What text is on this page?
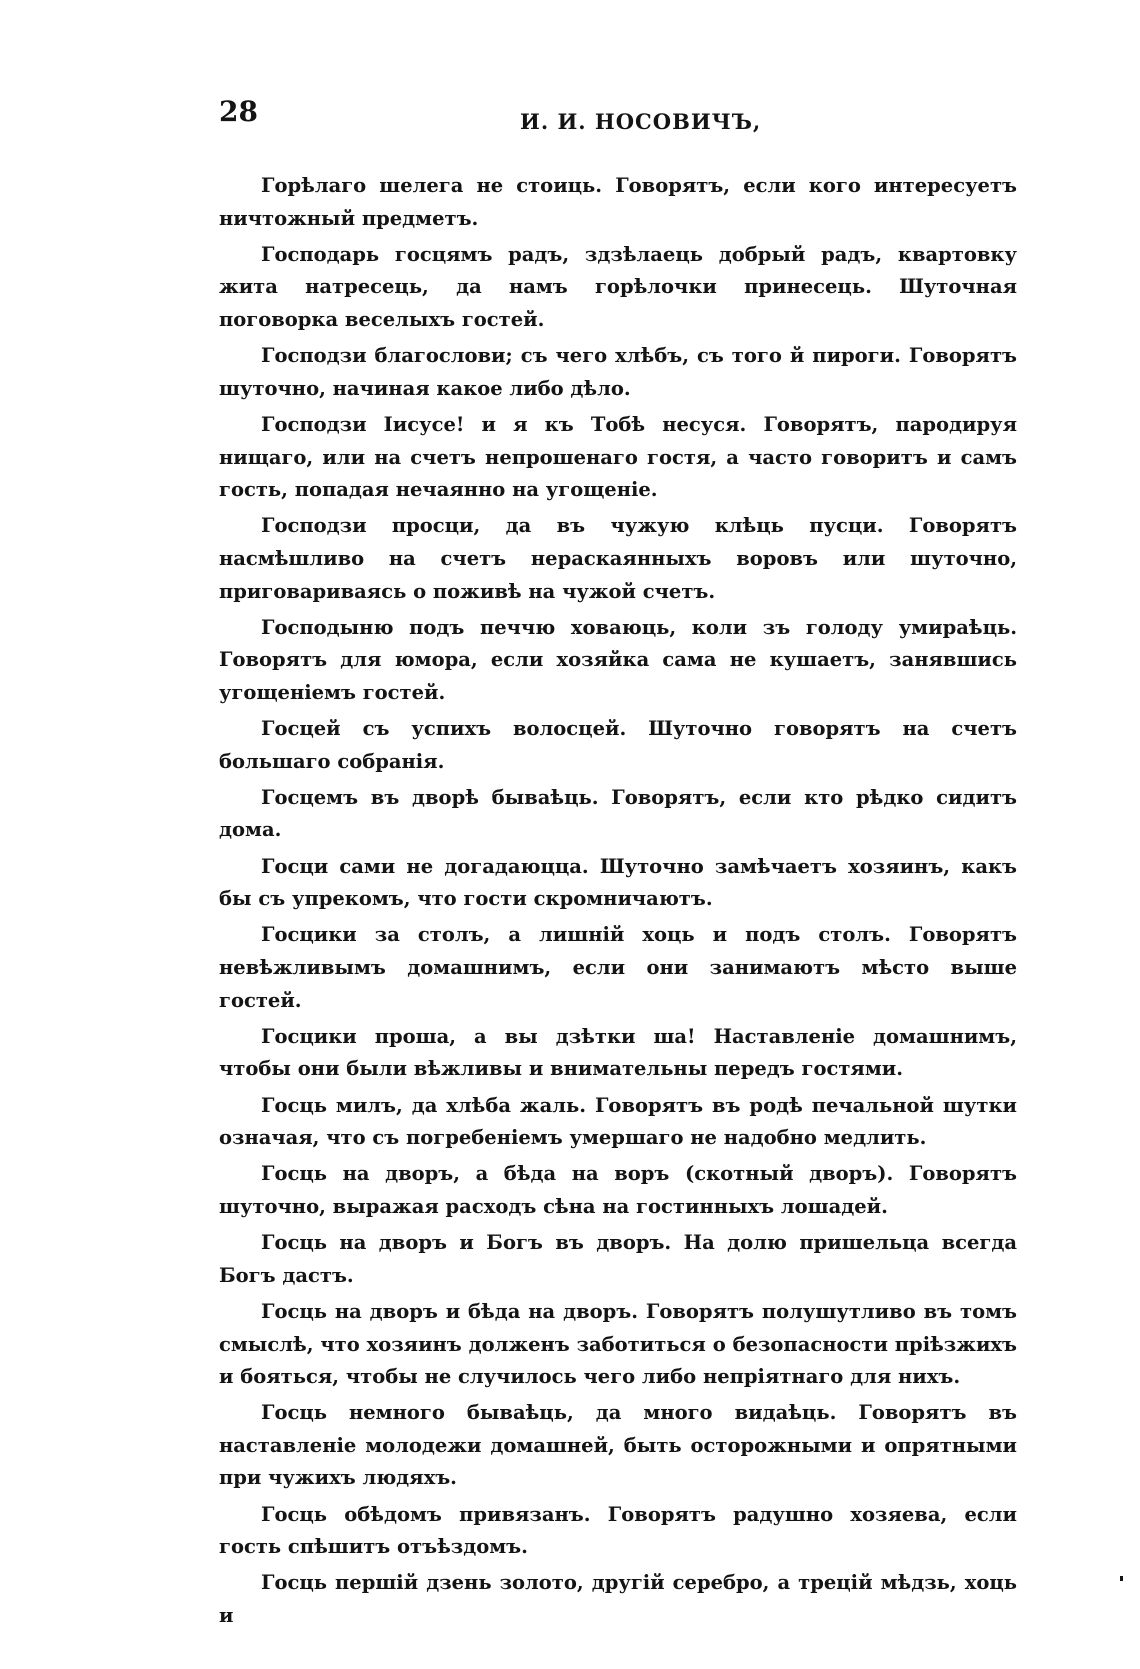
28	И. И. НОСОВИЧЪ,

Горѣлаго шелега не стоиць. Говорятъ, если кого интересуетъ ничтожный предметъ.

Господарь госцямъ радъ, здзѣлаець добрый радъ, квартовку жита натресець, да намъ горѣлочки принесець. Шуточная поговорка веселыхъ гостей.

Господзи благослови; съ чего хлѣбъ, съ того й пироги. Говорятъ шуточно, начиная какое либо дѣло.

Господзи Iисусе! и я къ Тобѣ несуся. Говорятъ, пародируя нищаго, или на счетъ непрошенаго гостя, а часто говоритъ и самъ гость, попадая нечаянно на угощеніе.

Господзи просци, да въ чужую клѣць пусци. Говорятъ насмѣшливо на счетъ нераскаянныхъ воровъ или шуточно, приговариваясь о поживѣ на чужой счетъ.

Господыню подъ печчю ховаюць, коли зъ голоду умираѣць. Говорятъ для юмора, если хозяйка сама не кушаетъ, занявшись угощеніемъ гостей.

Госцей съ успихъ волосцей. Шуточно говорятъ на счетъ большаго собранія.

Госцемъ въ дворѣ бываѣць. Говорятъ, если кто рѣдко сидитъ дома.

Госци сами не догадаюцца. Шуточно замѣчаетъ хозяинъ, какъ бы съ упрекомъ, что гости скромничаютъ.

Госцики за столъ, а лишній хоць и подъ столъ. Говорятъ невѣжливымъ домашнимъ, если они занимаютъ мѣсто выше гостей.

Госцики проша, а вы дзѣтки ша! Наставленіе домашнимъ, чтобы они были вѣжливы и внимательны передъ гостями.

Госць милъ, да хлѣба жаль. Говорятъ въ родѣ печальной шутки означая, что съ погребеніемъ умершаго не надобно медлить.

Госць на дворъ, а бѣда на воръ (скотный дворъ). Говорятъ шуточно, выражая расходъ сѣна на гостинныхъ лошадей.

Госць на дворъ и Богъ въ дворъ. На долю пришельца всегда Богъ дастъ.

Госць на дворъ и бѣда на дворъ. Говорятъ полушутливо въ томъ смыслѣ, что хозяинъ долженъ заботиться о безопасности пріѣзжихъ и бояться, чтобы не случилось чего либо непріятнаго для нихъ.

Госць немного бываѣць, да много видаѣць. Говорятъ въ наставленіе молодежи домашней, быть осторожными и опрятными при чужихъ людяхъ.

Госць обѣдомъ привязанъ. Говорятъ радушно хозяева, если гость спѣшитъ отъѣздомъ.

Госць першій дзень золото, другій серебро, а трецій мѣдзь, хоць и
